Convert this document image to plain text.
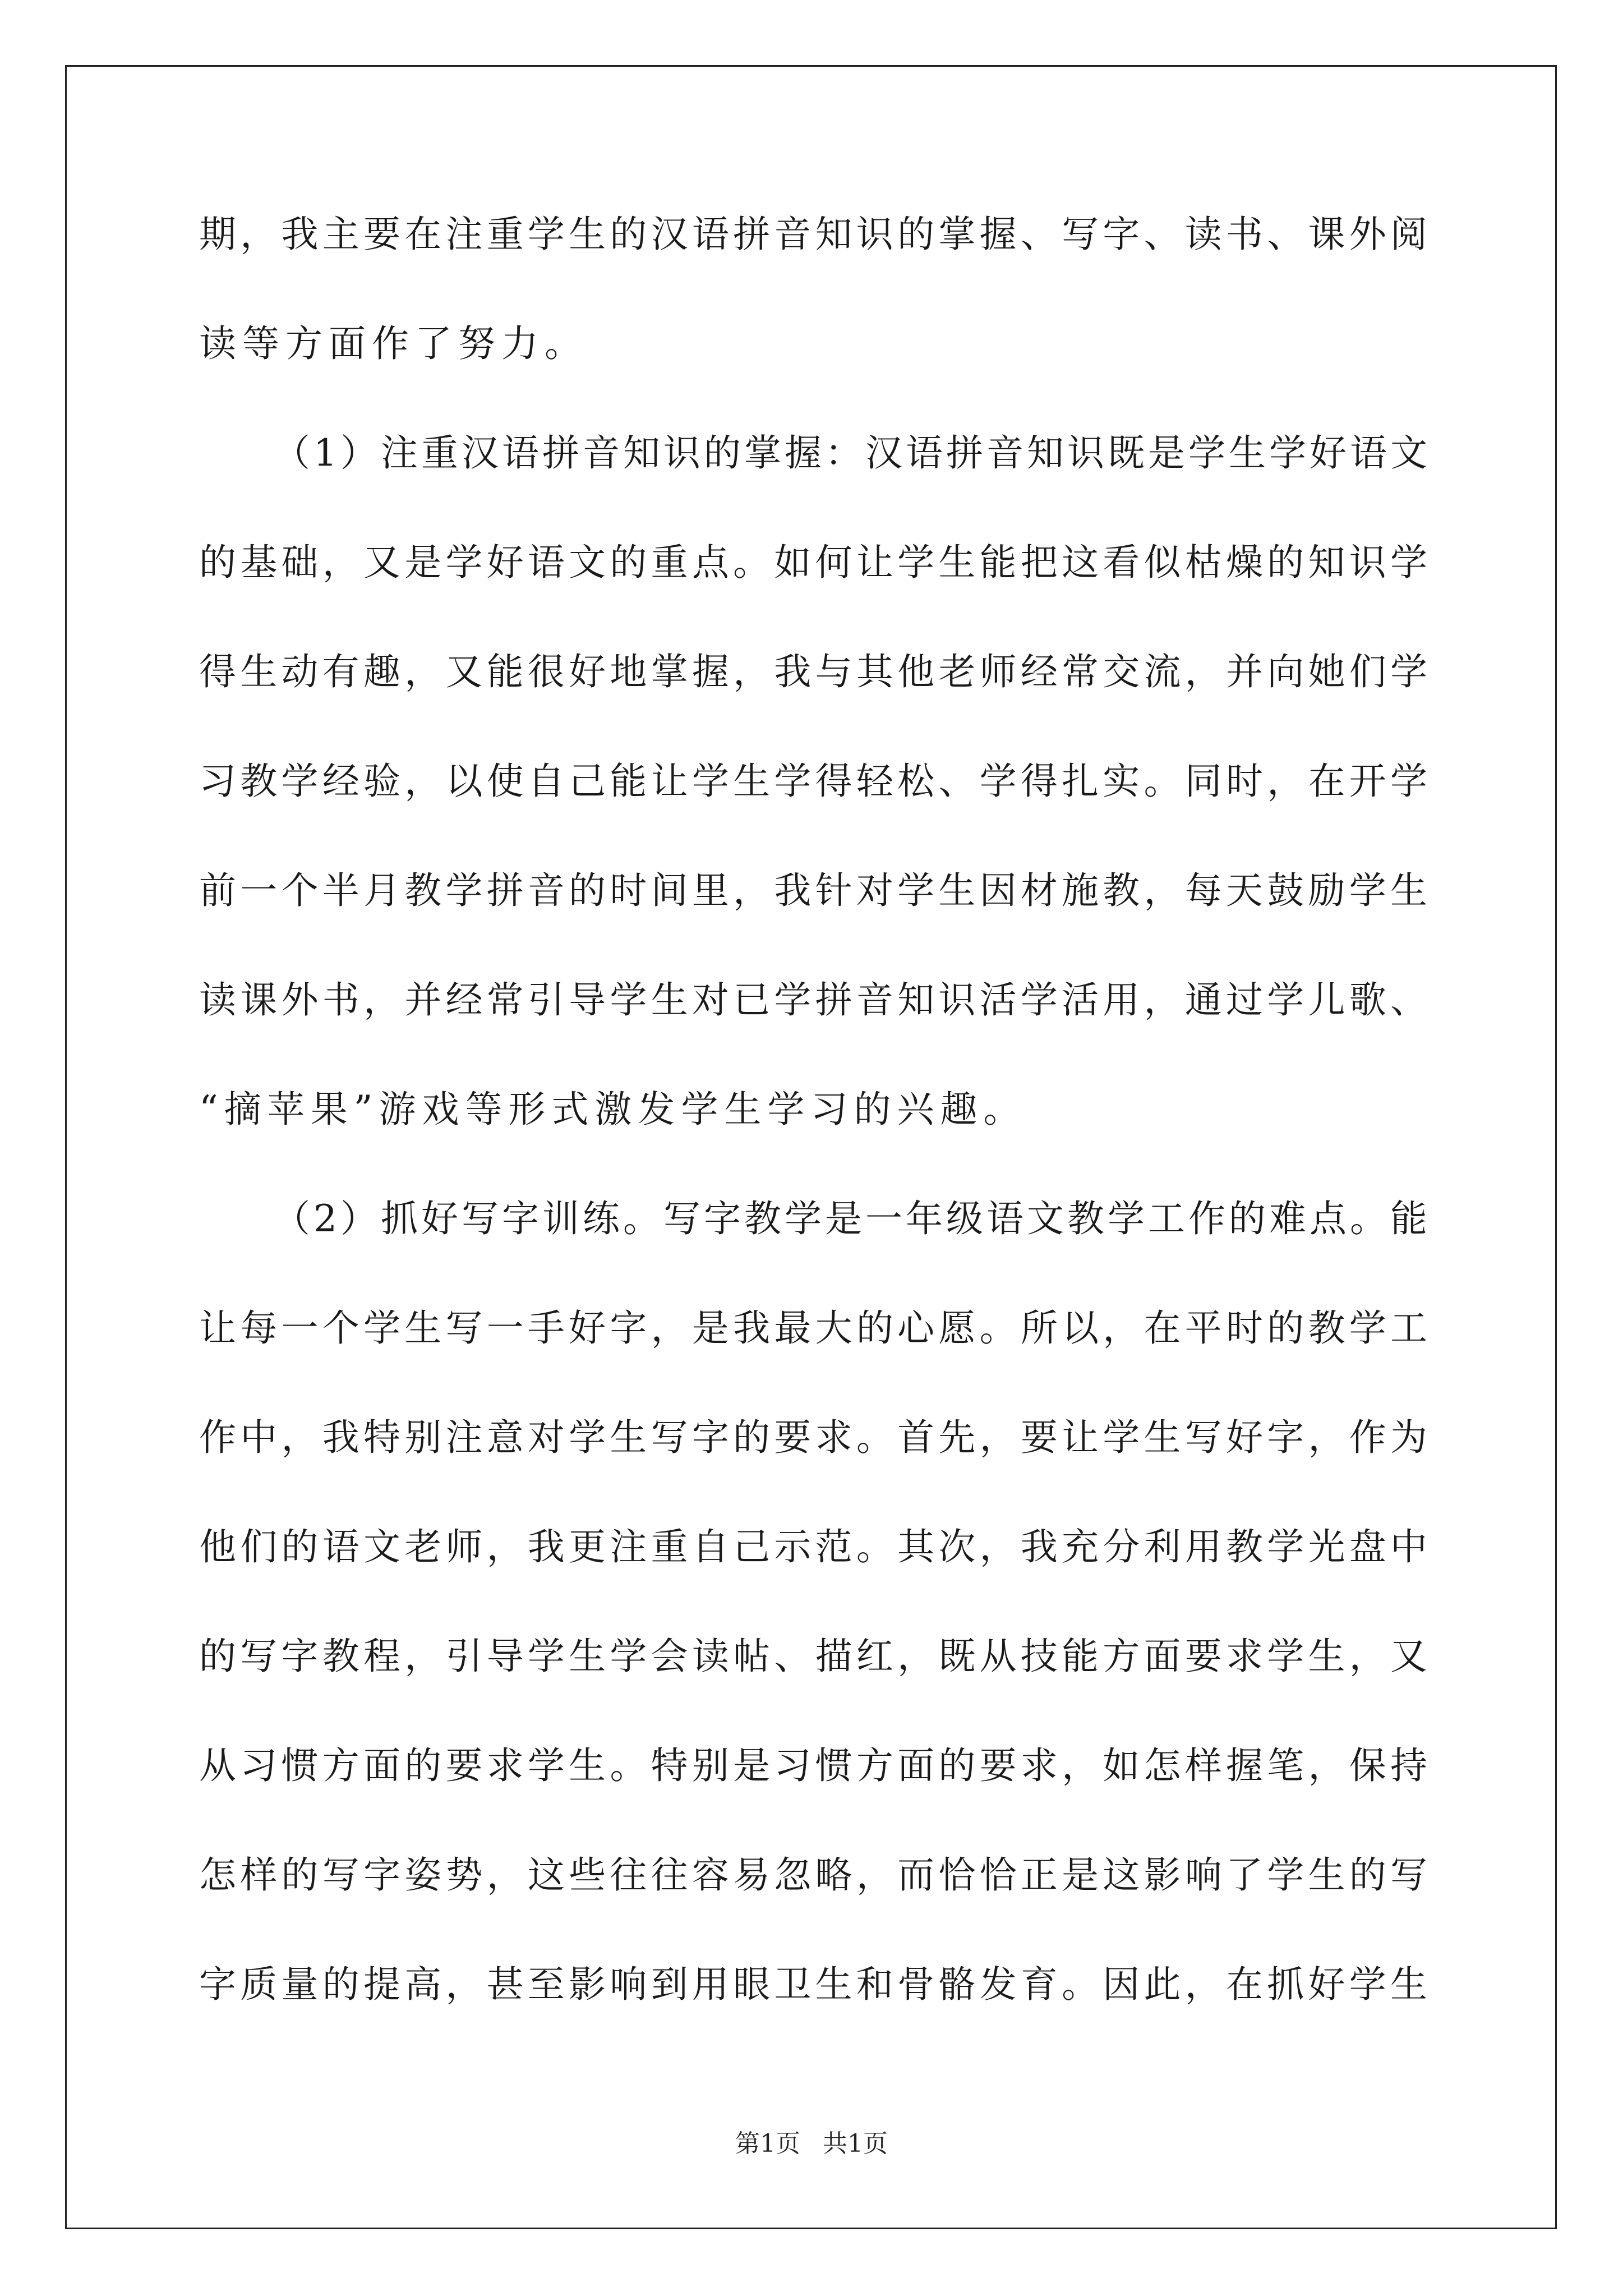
期，我主要在注重学生的汉语拼音知识的掌握、写字、读书、课外阅
读等方面作了努力。
（1）注重汉语拼音知识的掌握：汉语拼音知识既是学生学好语文
的基础，又是学好语文的重点。如何让学生能把这看似枯燥的知识学
得生动有趣，又能很好地掌握，我与其他老师经常交流，并向她们学
习教学经验，以使自己能让学生学得轻松、学得扎实。同时，在开学
前一个半月教学拼音的时间里，我针对学生因材施教，每天鼓励学生
读课外书，并经常引导学生对已学拼音知识活学活用，通过学儿歌、
“摘苹果”游戏等形式激发学生学习的兴趣。
（2）抓好写字训练。写字教学是一年级语文教学工作的难点。能
让每一个学生写一手好字，是我最大的心愿。所以，在平时的教学工
作中，我特别注意对学生写字的要求。首先，要让学生写好字，作为
他们的语文老师，我更注重自己示范。其次，我充分利用教学光盘中
的写字教程，引导学生学会读帖、描红，既从技能方面要求学生，又
从习惯方面的要求学生。特别是习惯方面的要求，如怎样握笔，保持
怎样的写字姿势，这些往往容易忽略，而恰恰正是这影响了学生的写
字质量的提高，甚至影响到用眼卫生和骨骼发育。因此，在抓好学生
第1页 共1页
